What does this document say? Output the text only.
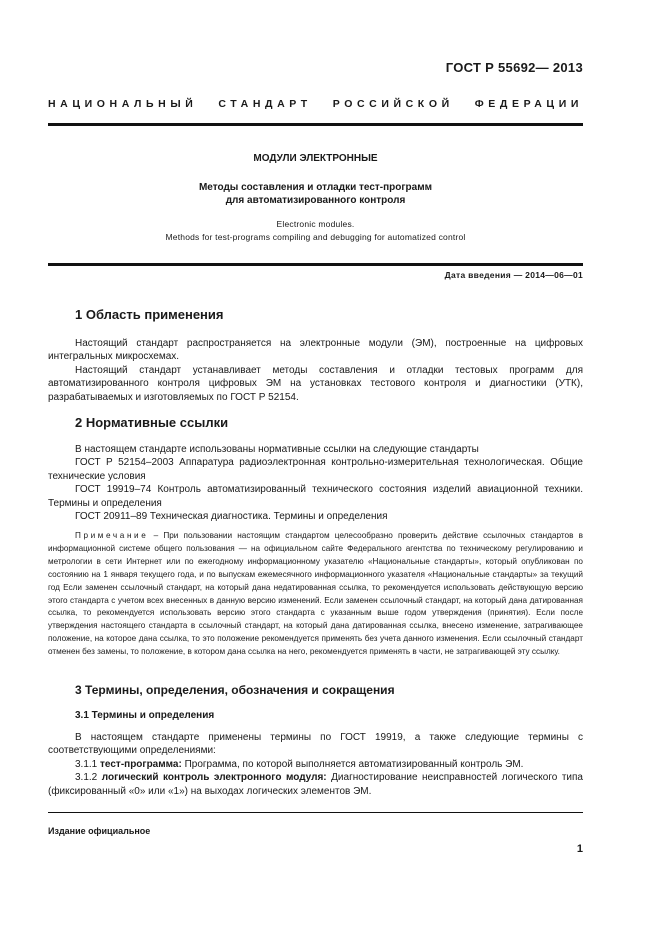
ГОСТ Р 55692— 2013
НАЦИОНАЛЬНЫЙ СТАНДАРТ РОССИЙСКОЙ ФЕДЕРАЦИИ
МОДУЛИ ЭЛЕКТРОННЫЕ
Методы составления и отладки тест-программ
для автоматизированного контроля
Electronic modules.
Methods for test-programs compiling and debugging for automatized control
Дата введения — 2014—06—01
1 Область применения

Настоящий стандарт распространяется на электронные модули (ЭМ), построенные на цифровых интегральных микросхемах.

Настоящий стандарт устанавливает методы составления и отладки тестовых программ для автоматизированного контроля цифровых ЭМ на установках тестового контроля и диагностики (УТК), разрабатываемых и изготовляемых по ГОСТ Р 52154.

2 Нормативные ссылки

В настоящем стандарте использованы нормативные ссылки на следующие стандарты

ГОСТ Р 52154–2003 Аппаратура радиоэлектронная контрольно-измерительная технологическая. Общие технические условия

ГОСТ 19919–74 Контроль автоматизированный технического состояния изделий авиационной техники. Термины и определения

ГОСТ 20911–89 Техническая диагностика. Термины и определения

Примечание – При пользовании настоящим стандартом целесообразно проверить действие ссылочных стандартов в информационной системе общего пользования — на официальном сайте Федерального агентства по техническому регулированию и метрологии в сети Интернет или по ежегодному информационному указателю «Национальные стандарты», который опубликован по состоянию на 1 января текущего года, и по выпускам ежемесячного информационного указателя «Национальные стандарты» за текущий год Если заменен ссылочный стандарт, на который дана недатированная ссылка, то рекомендуется использовать действующую версию этого стандарта с учетом всех внесенных в данную версию изменений. Если заменен ссылочный стандарт, на который дана датированная ссылка, то рекомендуется использовать версию этого стандарта с указанным выше годом утверждения (принятия). Если после утверждения настоящего стандарта в ссылочный стандарт, на который дана датированная ссылка, внесено изменение, затрагивающее положение, на которое дана ссылка, то это положение рекомендуется применять без учета данного изменения. Если ссылочный стандарт отменен без замены, то положение, в котором дана ссылка на него, рекомендуется применять в части, не затрагивающей эту ссылку.

3 Термины, определения, обозначения и сокращения
3.1 Термины и определения

В настоящем стандарте применены термины по ГОСТ 19919, а также следующие термины с соответствующими определениями:

3.1.1 тест-программа: Программа, по которой выполняется автоматизированный контроль ЭМ.

3.1.2 логический контроль электронного модуля: Диагностирование неисправностей логического типа (фиксированный «0» или «1») на выходах логических элементов ЭМ.

Издание официальное
1
